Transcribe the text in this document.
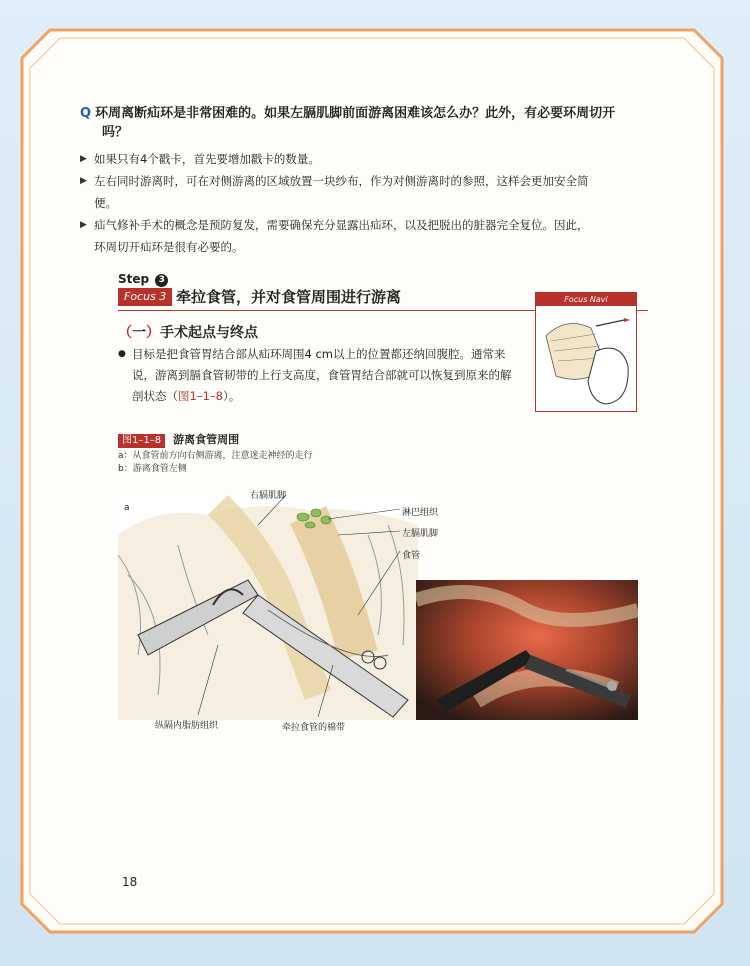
Q 环周离断疝环是非常困难的。如果左膈肌脚前面游离困难该怎么办？此外，有必要环周切开
吗？
▶ 如果只有4个戳卡，首先要增加戳卡的数量。
▶ 左右同时游离时，可在对侧游离的区域放置一块纱布，作为对侧游离时的参照，这样会更加安全简
便。
▶ 疝气修补手术的概念是预防复发，需要确保充分显露出疝环，以及把脱出的脏器完全复位。因此，
环周切开疝环是很有必要的。
Step 3
Focus 3 牵拉食管，并对食管周围进行游离	Focus Navi
（一）手术起点与终点
● 目标是把食管胃结合部从疝环周围4 cm以上的位置都还纳回腹腔。通常来
说，游离到膈食管韧带的上行支高度，食管胃结合部就可以恢复到原来的解
剖状态（图1–1–8）。
图1–1–8 游离食管周围
a：从食管前方向右侧游离，注意迷走神经的走行
b：游离食管左侧
a
右膈肌脚
淋巴组织
左膈肌脚
食管
纵隔内脂肪组织	牵拉食管的棉带
18
